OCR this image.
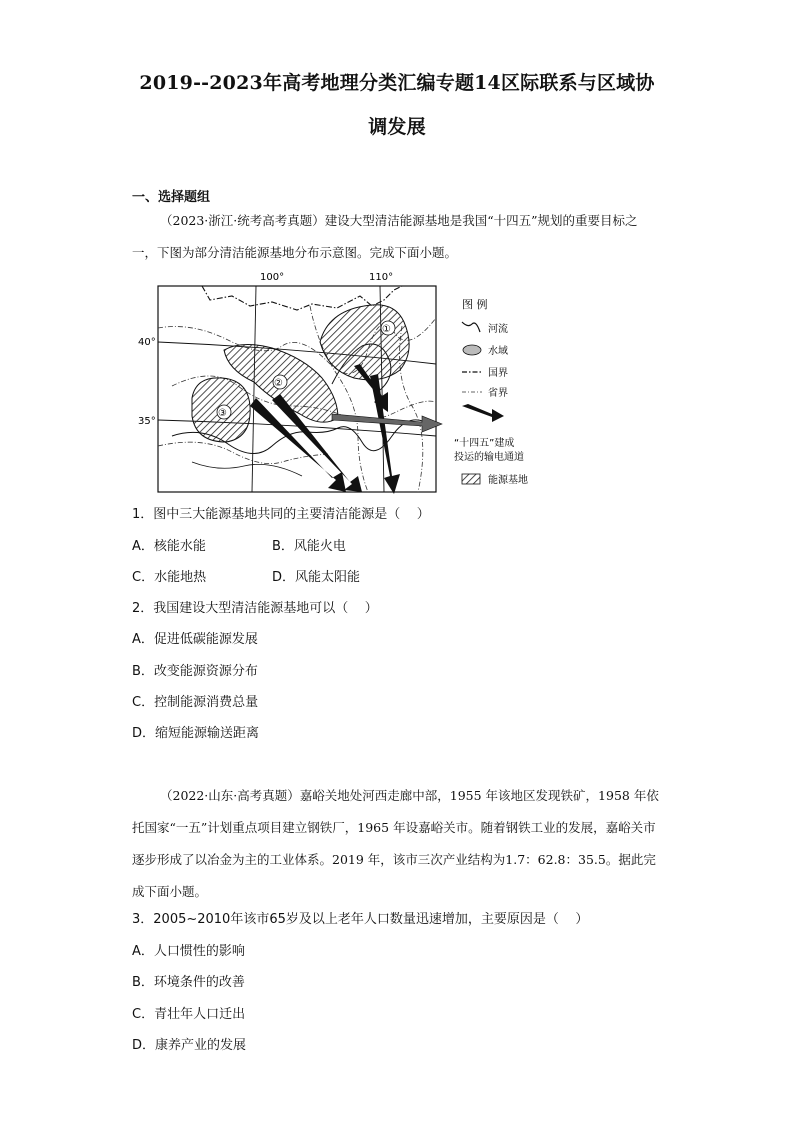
2019--2023年高考地理分类汇编专题14区际联系与区域协
调发展
一、选择题组
（2023·浙江·统考高考真题）建设大型清洁能源基地是我国“十四五”规划的重要目标之一，下图为部分清洁能源基地分布示意图。完成下面小题。
100°	110°
40°
35°
①
②
③
图 例
河流
水域
国界
省界
“十四五”建成
投运的输电通道
能源基地
1．图中三大能源基地共同的主要清洁能源是（    ）
A．核能水能	B．风能火电
C．水能地热	D．风能太阳能
2．我国建设大型清洁能源基地可以（    ）
A．促进低碳能源发展
B．改变能源资源分布
C．控制能源消费总量
D．缩短能源输送距离
（2022·山东·高考真题）嘉峪关地处河西走廊中部，1955 年该地区发现铁矿，1958 年依托国家“一五”计划重点项目建立钢铁厂，1965 年设嘉峪关市。随着钢铁工业的发展，嘉峪关市逐步形成了以冶金为主的工业体系。2019 年，该市三次产业结构为1.7：62.8：35.5。据此完成下面小题。
3．2005~2010年该市65岁及以上老年人口数量迅速增加，主要原因是（    ）
A．人口惯性的影响
B．环境条件的改善
C．青壮年人口迁出
D．康养产业的发展
